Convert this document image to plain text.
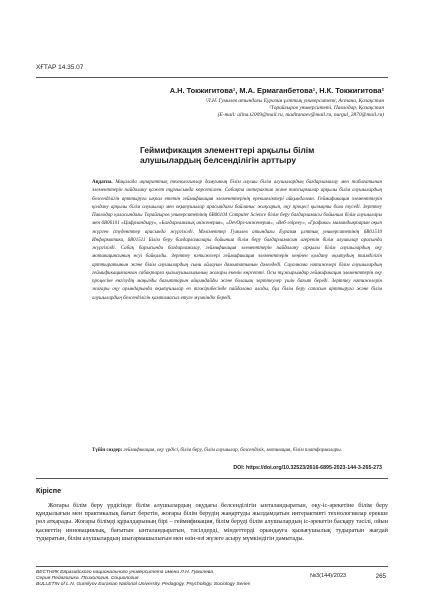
ХҒТАР 14.35.07
А.Н. Токжигитова¹, М.А. Ермаганбетова¹, Н.К. Токжигитова²
¹Л.Н. Гумилев атындағы Еуразия ұлттық университеті, Астана, Қазақстан
²Торайғыров университеті, Павлодар, Қазақстан
(E-mail: alina.t2009@mail.ru, maditanaev@mail.ru, nurgul_2870@mail.ru)
Геймификация элементтері арқылы білім алушылардың белсенділігін арттыру
Аңдатпа. Мақалада ақпараттық технологиялар дамуының білім алушы білім алушылардың бағдарламалау мен табиғатынан элементтерін пайдалану қажет тұрғысында көрсетілген. Сабақта интерактив және тапсырмалар арқылы білім алушылардың белсенділігін арттыруға ықпал ететін геймификация элементтерінің ерекшеліктері айқындалған. Геймификация элементтерін қолдану арқылы білім алушылар мен оқытушылар арасындағы байланыс жақсарып, оқу процесі қызықты бола түседі. Зерттеу Павлодар қаласындағы Торайғыров университетінің 6В06104 Computer Science білім беру бағдарламасы бойынша білім алушылары мен 6В06101 «Цифрландыру», «Бағдарламалық инженерия», «DevOps-инженерия», «Веб-әзірлеу», «Графика» мамандықтарын оқып жүрген студенттер арасында жүргізілді. Мәліметтер Гумилев атындағы Еуразия ұлттық университетінің 6В01510 Информатика, 6В01511 Білім беру бағдарламалары бойынша білім беру бағдарламасын игеретін білім алушылар арасында жүргізілді. Сабақ барысында бағдарламалау, геймификация элементтерін пайдалану арқылы білім алушылардың оқу мотивациясының өсуі байқалды. Зерттеу нәтижелері геймификация элементтерін кеңінен қолдану оқытудың тиімділігін арттыратынын және білім алушылардың сыни ойлауын дамытатынын дәлелдеді. Сауалнама нәтижелері білім алушылардың геймификацияланған сабақтарға қызығушылығының жоғары екенін көрсетті. Осы тұжырымдар геймификация элементтерін оқу процесіне енгізудің маңызды бағыттарын айқындайды және болашақ зерттеулер үшін бағыт береді. Зерттеу нәтижелерін жоғары оқу орындарында оқытушылар өз тәжірибесінде пайдалана алады, бұл білім беру сапасын арттыруға және білім алушылардың белсенділігін қамтамасыз етуге мүмкіндік береді.
Түйін сөздер: геймификация, оқу үрдісі, білім беру, білім алушылар, белсенділік, мотивация, білім платформалары.
DOI: https://doi.org/10.32523/2616-6895-2023-144-3-265-273
Кіріспе
Жоғары білім беру үрдісінде білім алушылардың оқудағы белсенділігін ынталандыратын, оқу-іс-әрекетіне білім беру құндылығын мен практикалық бағыт беретін, жоғары білім берудің жаңартуды жылдамдатын интерактивті технологиялар ерекше рөл атқарады. Жоғары білімді құралдарының бірі – геймификация, білім беруді білім алушылардың іс-әрекетін басқару тәсілі, ойын қасиеттің инновациялық, бағытын ынталандыратын, тәсілдерді, міндеттерді орындауға қызығушылық тудыратын жағдай тудыратын, білім алушылардың шығармашылығын мен өзін-өзі жүзеге асыру мүмкіндігін дамытады.
ВЕСТНИК Евразийского национального университета имени Л.Н. Гумилева.
Серия Педагогика. Психология. Социология
BULLETIN of L.N. Gumilyov Eurasian National University. Pedagogy. Psychology. Sociology Series
№3(144)/2023	265
